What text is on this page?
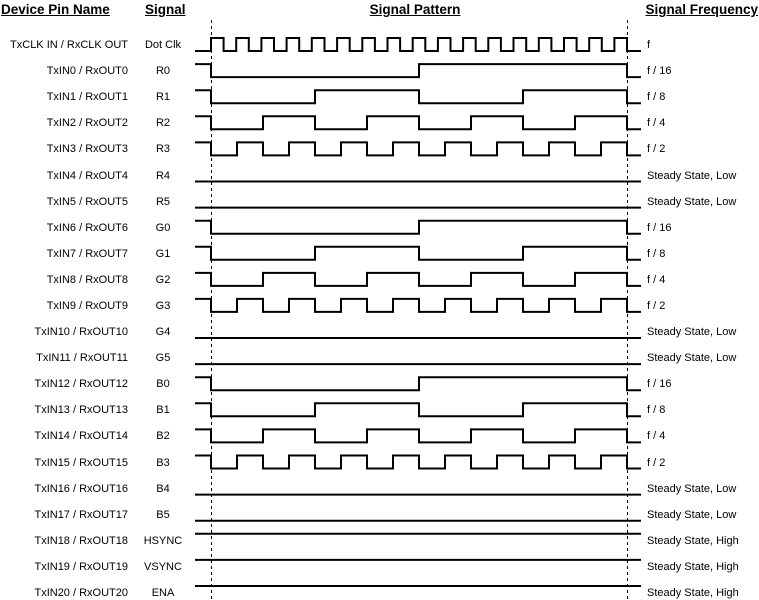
Device Pin Name	Signal	Signal Pattern	Signal Frequency
TxCLK IN / RxCLK OUT	Dot Clk	f
TxIN0 / RxOUT0	R0	f / 16
TxIN1 / RxOUT1	R1	f / 8
TxIN2 / RxOUT2	R2	f / 4
TxIN3 / RxOUT3	R3	f / 2
TxIN4 / RxOUT4	R4	Steady State, Low
TxIN5 / RxOUT5	R5	Steady State, Low
TxIN6 / RxOUT6	G0	f / 16
TxIN7 / RxOUT7	G1	f / 8
TxIN8 / RxOUT8	G2	f / 4
TxIN9 / RxOUT9	G3	f / 2
TxIN10 / RxOUT10	G4	Steady State, Low
TxIN11 / RxOUT11	G5	Steady State, Low
TxIN12 / RxOUT12	B0	f / 16
TxIN13 / RxOUT13	B1	f / 8
TxIN14 / RxOUT14	B2	f / 4
TxIN15 / RxOUT15	B3	f / 2
TxIN16 / RxOUT16	B4	Steady State, Low
TxIN17 / RxOUT17	B5	Steady State, Low
TxIN18 / RxOUT18	HSYNC	Steady State, High
TxIN19 / RxOUT19	VSYNC	Steady State, High
TxIN20 / RxOUT20	ENA	Steady State, High
